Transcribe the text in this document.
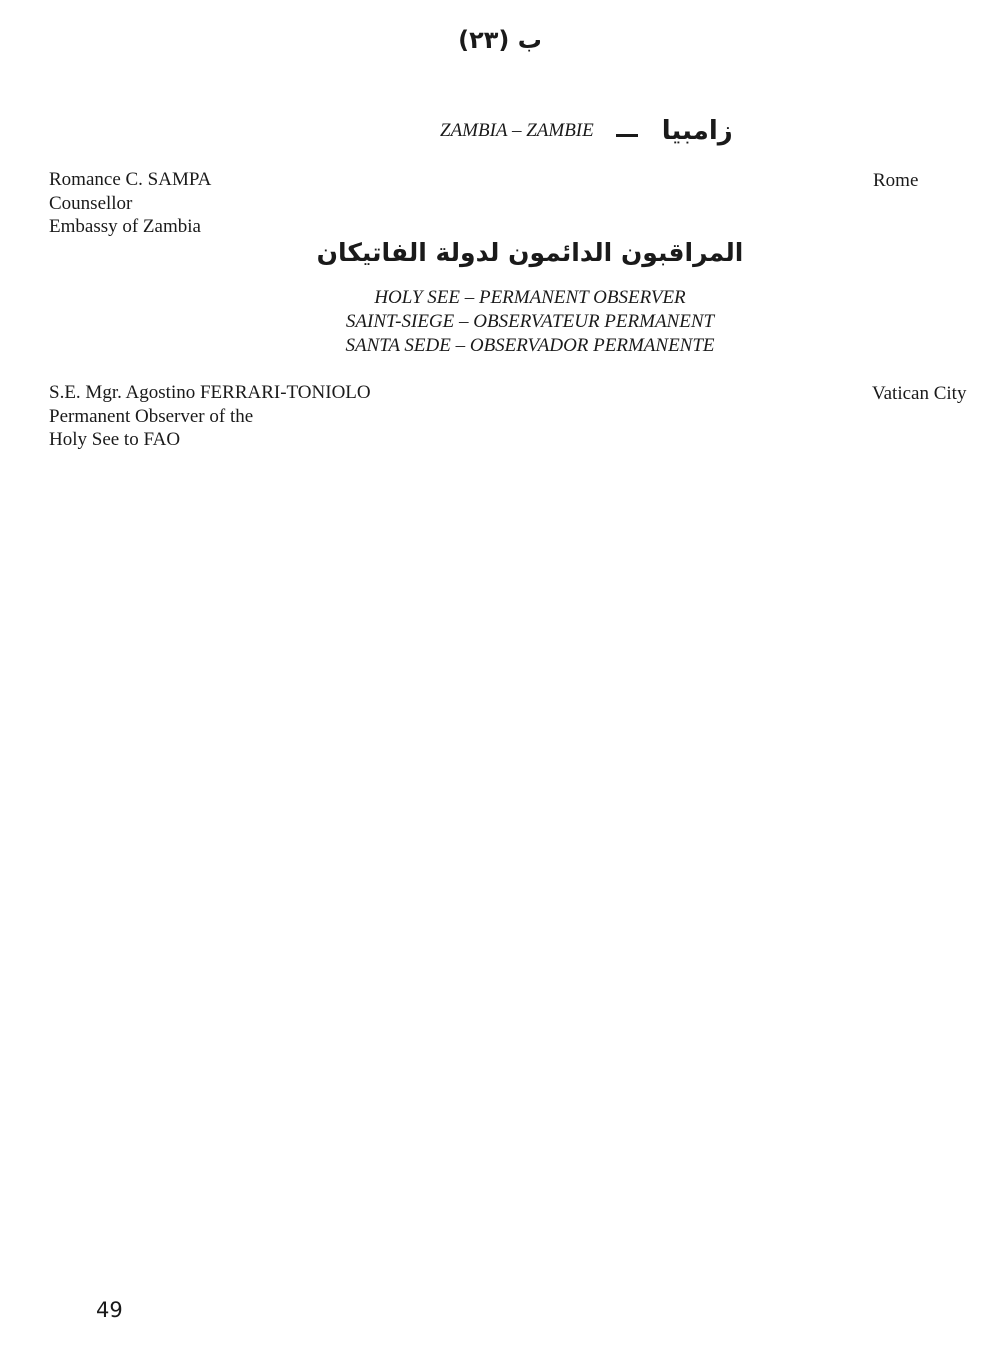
ب (٢٣)
ZAMBIA – ZAMBIE	زامبيا
Romance C. SAMPA
Counsellor
Embassy of Zambia
Rome
المراقبون الدائمون لدولة الفاتيكان
HOLY SEE – PERMANENT OBSERVER
SAINT-SIEGE – OBSERVATEUR PERMANENT
SANTA SEDE – OBSERVADOR PERMANENTE
S.E. Mgr. Agostino FERRARI-TONIOLO
Permanent Observer of the
Holy See to FAO
Vatican City
49
